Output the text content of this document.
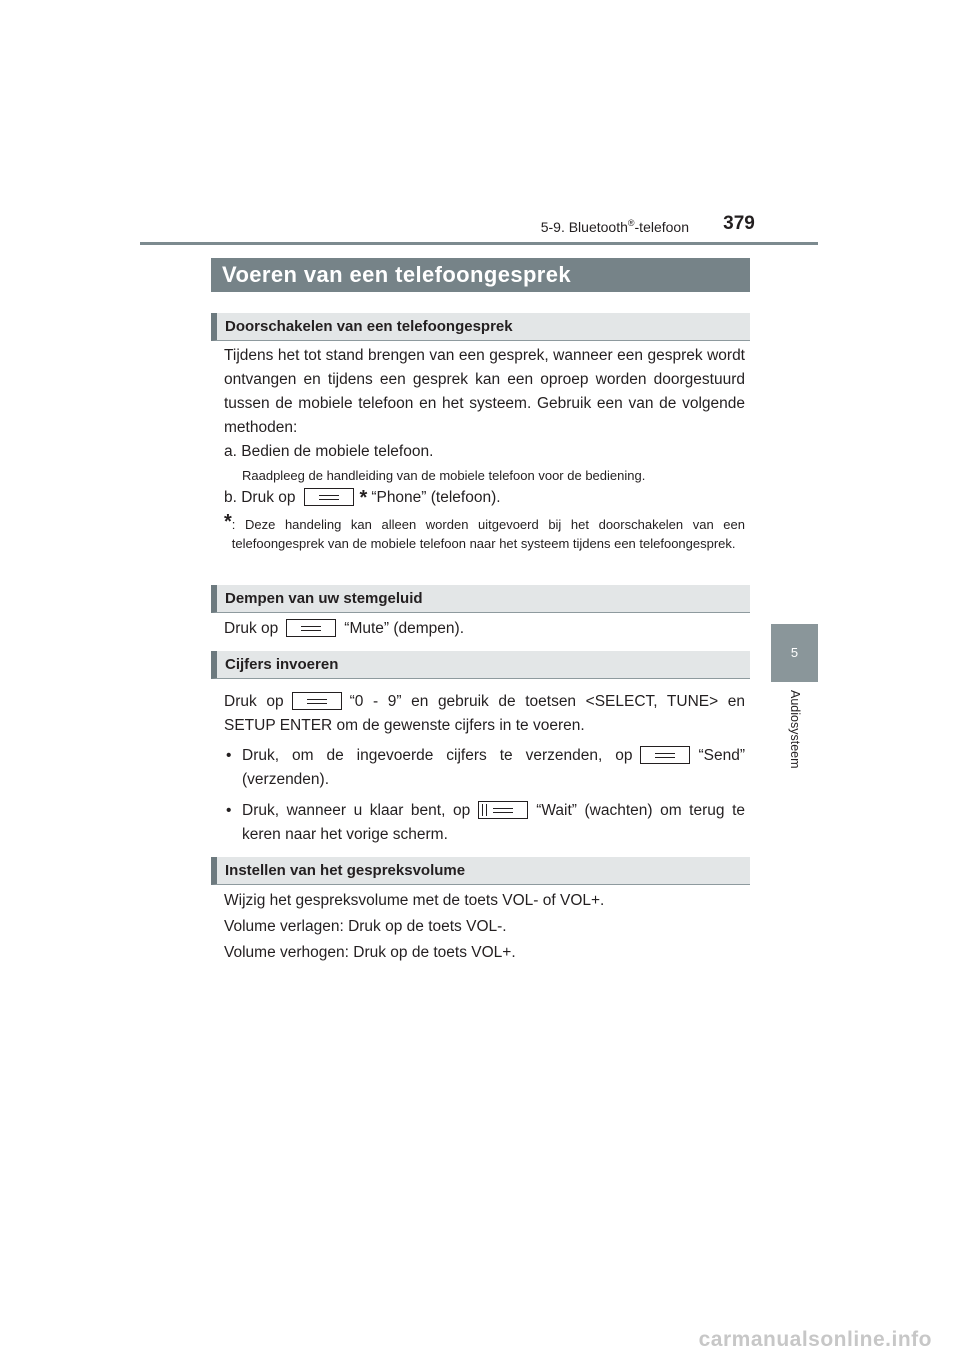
5-9. Bluetooth®-telefoon	379
5
Audiosysteem
Voeren van een telefoongesprek
Doorschakelen van een telefoongesprek
Tijdens het tot stand brengen van een gesprek, wanneer een gesprek wordt ontvangen en tijdens een gesprek kan een oproep worden doorgestuurd tussen de mobiele telefoon en het systeem. Gebruik een van de volgende methoden:
a. Bedien de mobiele telefoon.
Raadpleeg de handleiding van de mobiele telefoon voor de bediening.
b. Druk op	* “Phone” (telefoon).
* : Deze handeling kan alleen worden uitgevoerd bij het doorschakelen van een telefoongesprek van de mobiele telefoon naar het systeem tijdens een telefoongesprek.
Dempen van uw stemgeluid
Druk op	“Mute” (dempen).
Cijfers invoeren
Druk op	“0 - 9” en gebruik de toetsen <SELECT, TUNE> en SETUP ENTER om de gewenste cijfers in te voeren.
• Druk, om de ingevoerde cijfers te verzenden, op	“Send” (verzenden).
• Druk, wanneer u klaar bent, op	“Wait” (wachten) om terug te keren naar het vorige scherm.
Instellen van het gespreksvolume
Wijzig het gespreksvolume met de toets VOL- of VOL+.
Volume verlagen: Druk op de toets VOL-.
Volume verhogen: Druk op de toets VOL+.
carmanualsonline.info
